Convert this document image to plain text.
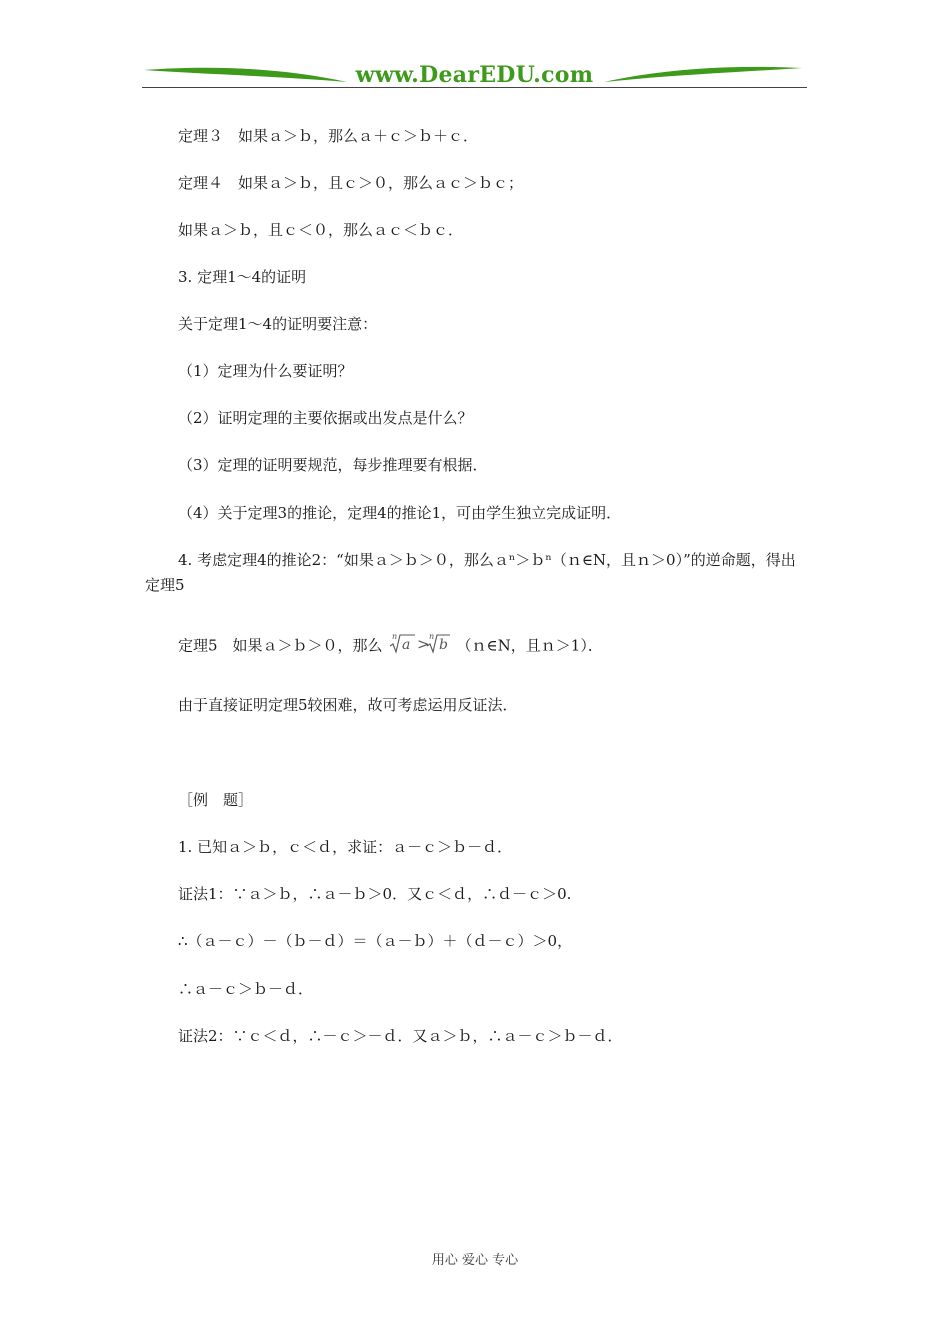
www.DearEDU.com
定理３　如果ａ＞ｂ，那么ａ＋ｃ＞ｂ＋ｃ．
定理４　如果ａ＞ｂ，且ｃ＞０，那么ａｃ＞ｂｃ；
如果ａ＞ｂ，且ｃ＜０，那么ａｃ＜ｂｃ．
3. 定理1～4的证明
关于定理1～4的证明要注意：
（1）定理为什么要证明？
（2）证明定理的主要依据或出发点是什么？
（3）定理的证明要规范，每步推理要有根据．
（4）关于定理3的推论，定理4的推论1，可由学生独立完成证明．
4. 考虑定理4的推论2：“如果ａ＞ｂ＞０，那么ａⁿ＞ｂⁿ（ｎ∈N，且ｎ＞0）”的逆命题，得出定理5
定理5　如果ａ＞ｂ＞０，那么 n
a > n
b （ｎ∈N，且ｎ＞1）．
由于直接证明定理5较困难，故可考虑运用反证法．
［例　题］
1. 已知ａ＞ｂ，ｃ＜ｄ，求证：ａ－ｃ＞ｂ－ｄ．
证法1：∵ａ＞ｂ，∴ａ－ｂ＞0．又ｃ＜ｄ，∴ｄ－ｃ＞0.
∴（ａ－ｃ）－（ｂ－ｄ）＝（ａ－ｂ）＋（ｄ－ｃ）＞0，
∴ａ－ｃ＞ｂ－ｄ．
证法2：∵ｃ＜ｄ，∴－ｃ＞－ｄ．又ａ＞ｂ，∴ａ－ｃ＞ｂ－ｄ．
用心 爱心 专心
